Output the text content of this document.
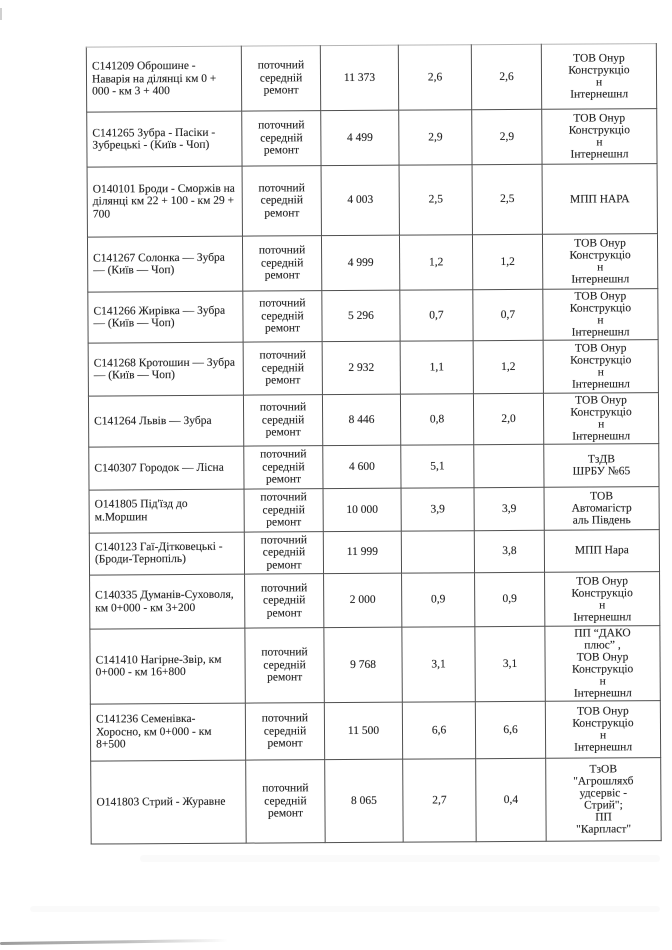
С141209 Оброшине - Наварія на ділянці км 0 + 000 - км 3 + 400	поточний
середній
ремонт	11 373	2,6	2,6	ТОВ Онур
Конструкціо
н
Інтернешнл
С141265 Зубра - Пасіки - Зубрецькі - (Київ - Чоп)	поточний
середній
ремонт	4 499	2,9	2,9	ТОВ Онур
Конструкціо
н
Інтернешнл
О140101 Броди - Сморжів на ділянці км 22 + 100 - км 29 + 700	поточний
середній
ремонт	4 003	2,5	2,5	МПП НАРА
С141267 Солонка — Зубра — (Київ — Чоп)	поточний
середній
ремонт	4 999	1,2	1,2	ТОВ Онур
Конструкціо
н
Інтернешнл
С141266 Жирівка — Зубра — (Київ — Чоп)	поточний
середній
ремонт	5 296	0,7	0,7	ТОВ Онур
Конструкціо
н
Інтернешнл
С141268 Кротошин — Зубра — (Київ — Чоп)	поточний
середній
ремонт	2 932	1,1	1,2	ТОВ Онур
Конструкціо
н
Інтернешнл
С141264 Львів — Зубра	поточний
середній
ремонт	8 446	0,8	2,0	ТОВ Онур
Конструкціо
н
Інтернешнл
С140307 Городок — Лісна	поточний
середній
ремонт	4 600	5,1		ТзДВ
ШРБУ №65
О141805 Під'їзд до м.Моршин	поточний
середній
ремонт	10 000	3,9	3,9	ТОВ
Автомагістр
аль Південь
С140123 Гаї-Дітковецькі - (Броди-Тернопіль)	поточний
середній
ремонт	11 999		3,8	МПП Нара
С140335 Думанів-Суховоля, км 0+000 - км 3+200	поточний
середній
ремонт	2 000	0,9	0,9	ТОВ Онур
Конструкціо
н
Інтернешнл
С141410 Нагірне-Звір, км 0+000 - км 16+800	поточний
середній
ремонт	9 768	3,1	3,1	ПП “ДАКО
плюс” ,
ТОВ Онур
Конструкціо
н
Інтернешнл
С141236 Семенівка-Хоросно, км 0+000 - км 8+500	поточний
середній
ремонт	11 500	6,6	6,6	ТОВ Онур
Конструкціо
н
Інтернешнл
О141803 Стрий - Журавне	поточний
середній
ремонт	8 065	2,7	0,4	ТзОВ
"Агрошляхб
удсервіс -
Стрий";
ПП
"Карпласт"
